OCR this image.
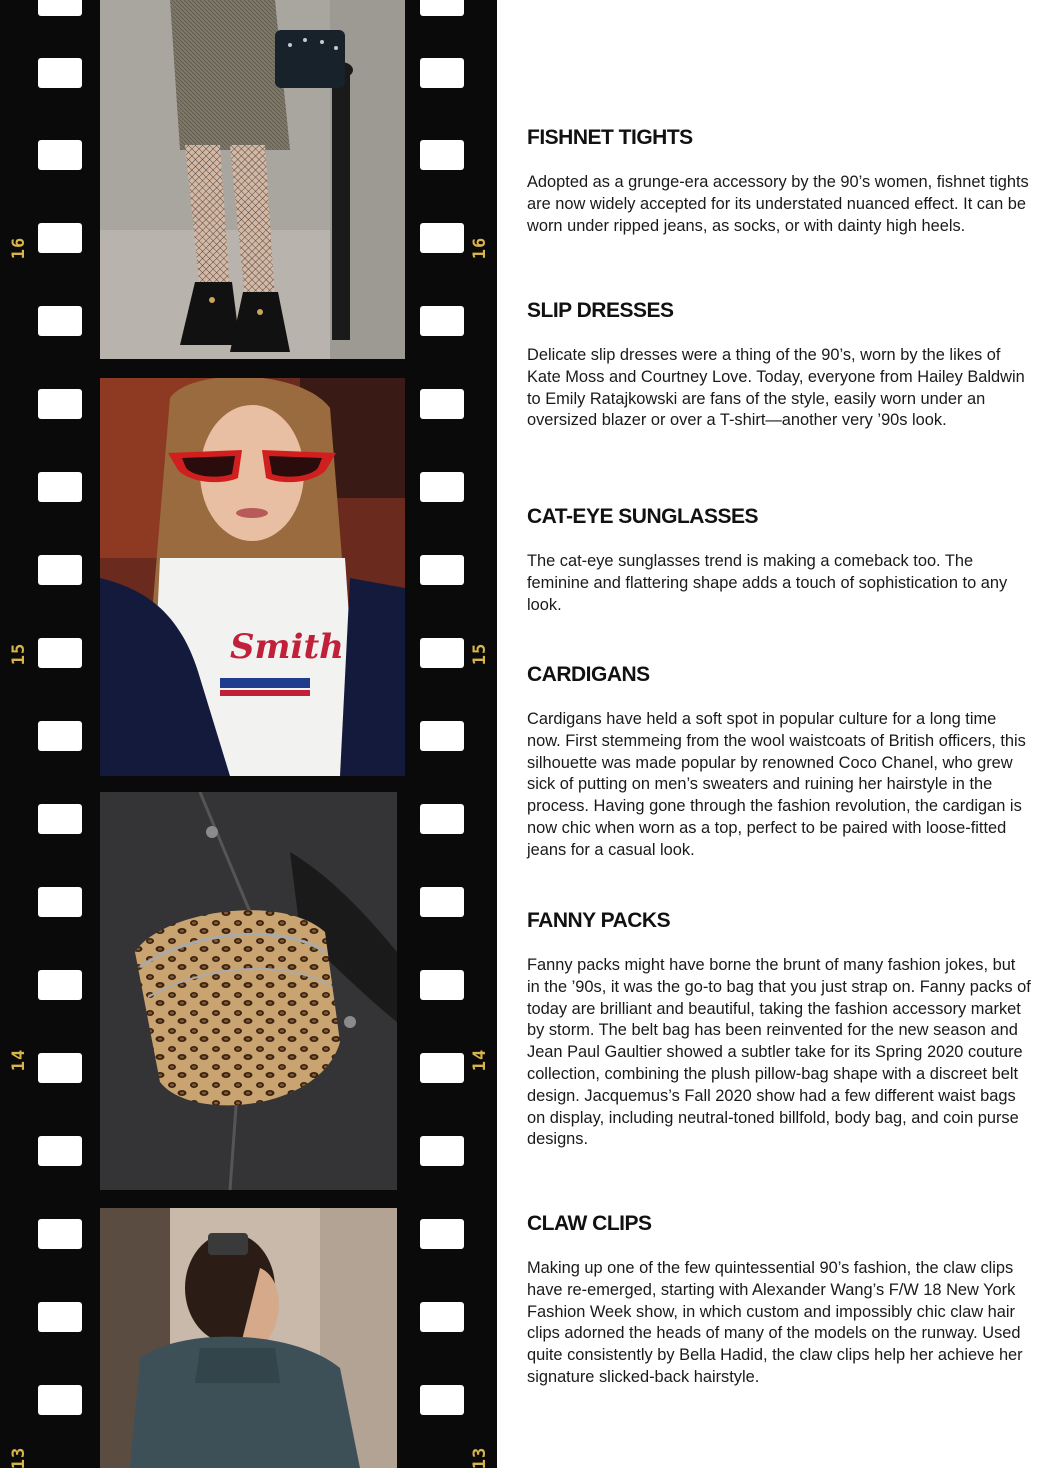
16
15
14
13
16
15
14
13
Smith
FISHNET TIGHTS

Adopted as a grunge-era accessory by the 90’s women, fishnet tights are now widely accepted for its understated nuanced effect. It can be worn under ripped jeans, as socks, or with dainty high heels.

SLIP DRESSES

Delicate slip dresses were a thing of the 90’s, worn by the likes of Kate Moss and Courtney Love. Today, everyone from Hailey Baldwin to Emily Ratajkowski are fans of the style, easily worn under an oversized blazer or over a T-shirt—another very ’90s look.

CAT-EYE SUNGLASSES

The cat-eye sunglasses trend is making a comeback too. The feminine and flattering shape adds a touch of sophistication to any look.

CARDIGANS

Cardigans have held a soft spot in popular culture for a long time now. First stemmeing from the wool waistcoats of British officers, this silhouette was made popular by renowned Coco Chanel, who grew sick of putting on men’s sweaters and ruining her hairstyle in the process. Having gone through the fashion revolution, the cardigan is now chic when worn as a top, perfect to be paired with loose-fitted jeans for a casual look.

FANNY PACKS

Fanny packs might have borne the brunt of many fashion jokes, but in the ’90s, it was the go-to bag that you just strap on. Fanny packs of today are brilliant and beautiful, taking the fashion accessory market by storm. The belt bag has been reinvented for the new season and Jean Paul Gaultier showed a subtler take for its Spring 2020 couture collection, combining the plush pillow-bag shape with a discreet belt design. Jacquemus’s Fall 2020 show had a few different waist bags on display, including neutral-toned billfold, body bag, and coin purse designs.

CLAW CLIPS

Making up one of the few quintessential 90’s fashion, the claw clips have re-emerged, starting with Alexander Wang’s F/W 18 New York Fashion Week show, in which custom and impossibly chic claw hair clips adorned the heads of many of the models on the runway. Used quite consistently by Bella Hadid, the claw clips help her achieve her signature slicked-back hairstyle.
